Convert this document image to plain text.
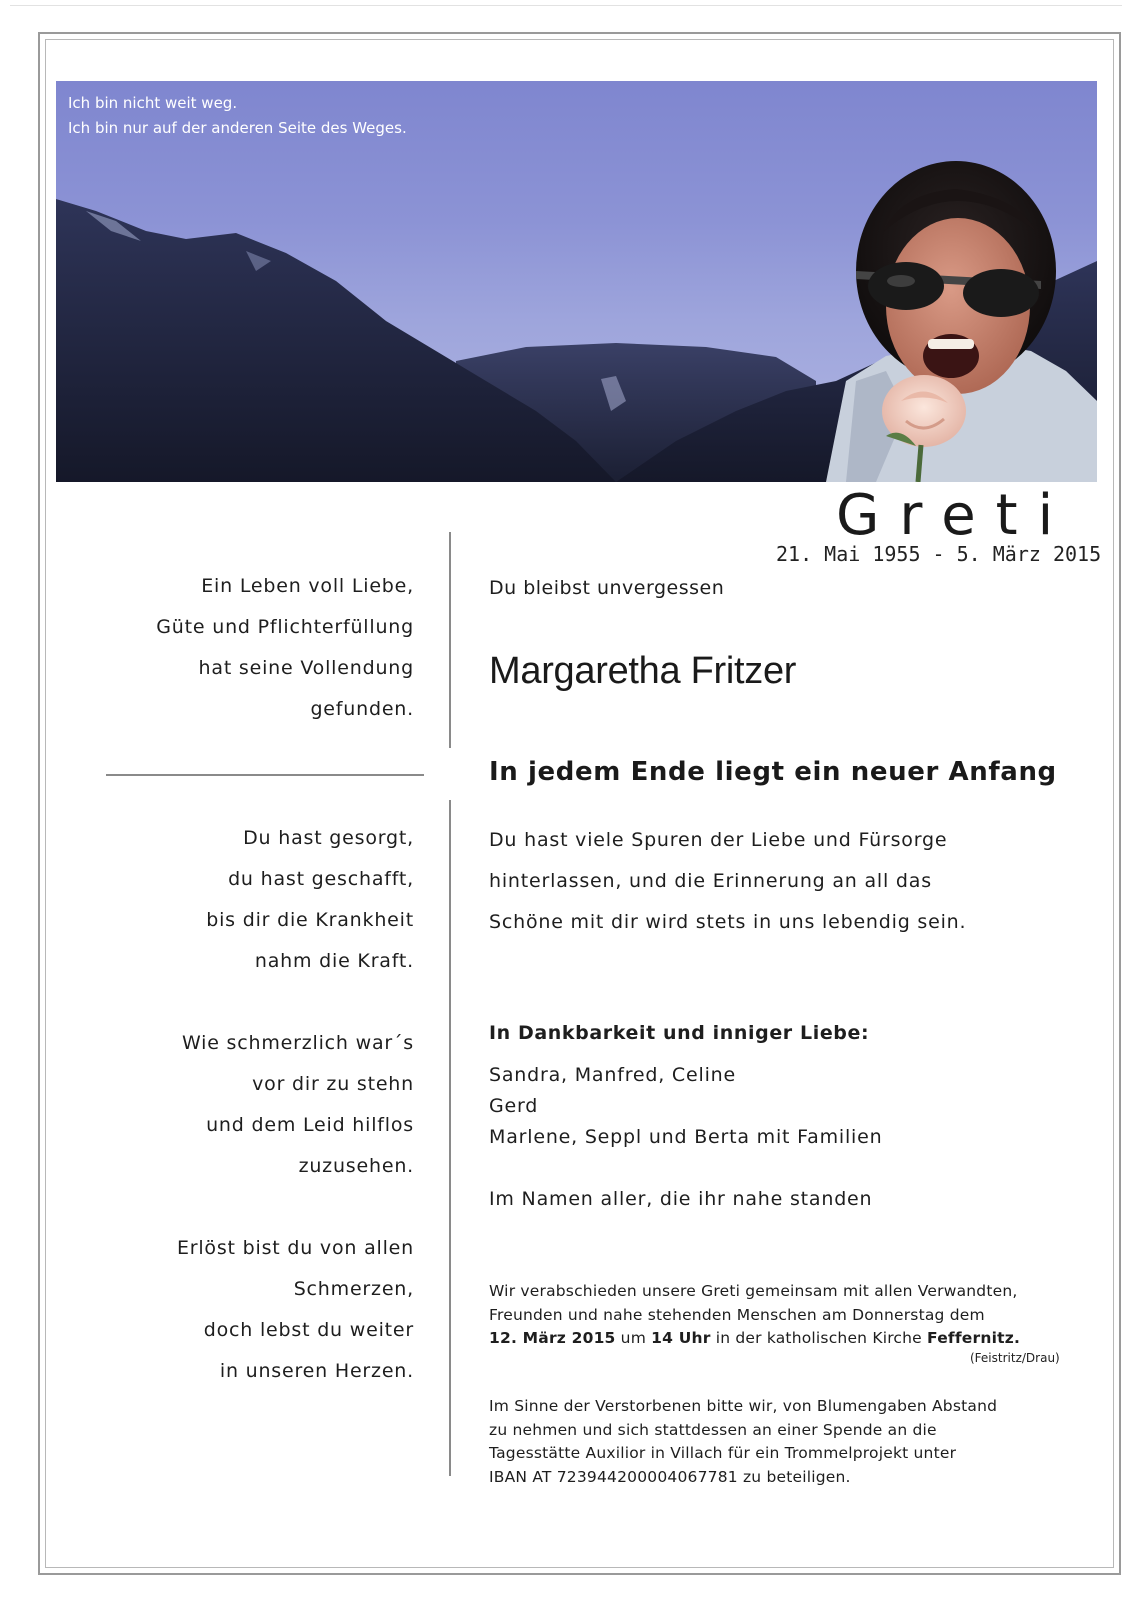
Ich bin nicht weit weg.
Ich bin nur auf der anderen Seite des Weges.
Greti
21. Mai 1955 - 5. März 2015
Ein Leben voll Liebe,
Güte und Pflichterfüllung
hat seine Vollendung
gefunden.
Du hast gesorgt,
du hast geschafft,
bis dir die Krankheit
nahm die Kraft.
Wie schmerzlich war´s
vor dir zu stehn
und dem Leid hilflos
zuzusehen.
Erlöst bist du von allen
Schmerzen,
doch lebst du weiter
in unseren Herzen.
Du bleibst unvergessen
Margaretha Fritzer
In jedem Ende liegt ein neuer Anfang
Du hast viele Spuren der Liebe und Fürsorge
hinterlassen, und die Erinnerung an all das
Schöne mit dir wird stets in uns lebendig sein.
In Dankbarkeit und inniger Liebe:
Sandra, Manfred, Celine
Gerd
Marlene, Seppl und Berta mit Familien
Im Namen aller, die ihr nahe standen
Wir verabschieden unsere Greti gemeinsam mit allen Verwandten,
Freunden und nahe stehenden Menschen am Donnerstag dem
12. März 2015 um 14 Uhr in der katholischen Kirche Feffernitz.
(Feistritz/Drau)
Im Sinne der Verstorbenen bitte wir, von Blumengaben Abstand
zu nehmen und sich stattdessen an einer Spende an die
Tagesstätte Auxilior in Villach für ein Trommelprojekt unter
IBAN AT 723944200004067781 zu beteiligen.
